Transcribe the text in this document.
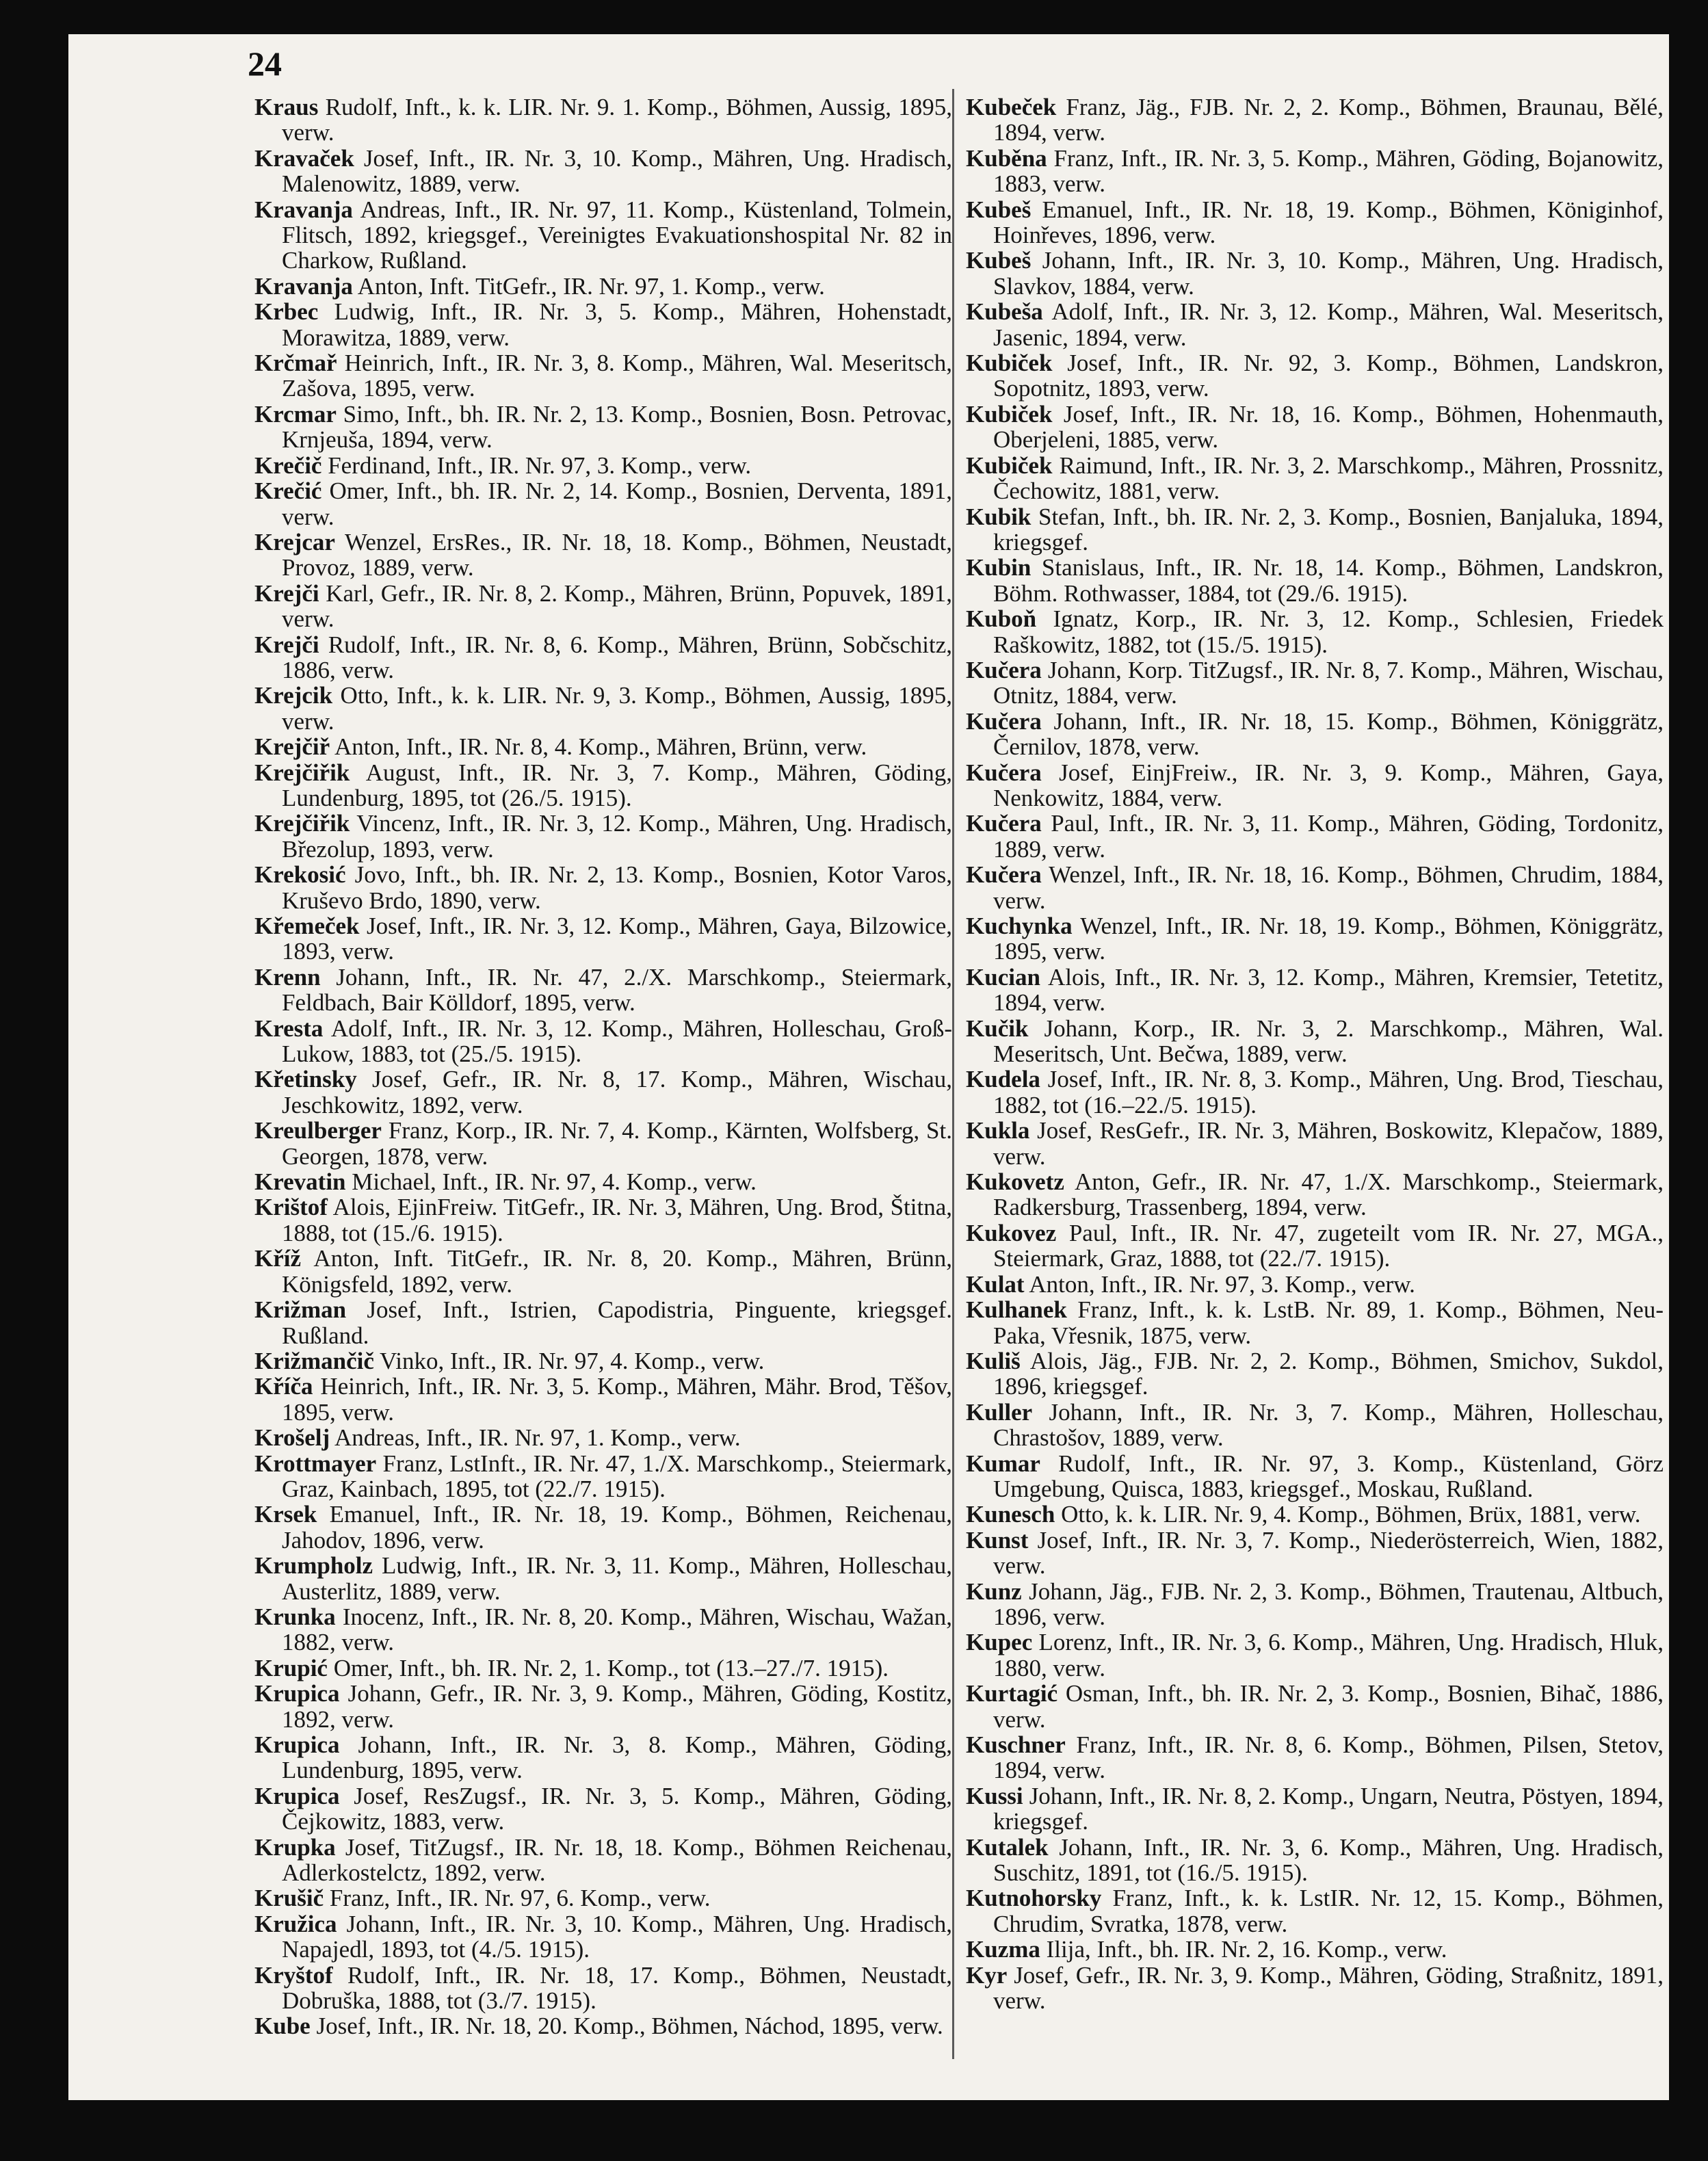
24
Kraus Rudolf, Inft., k. k. LIR. Nr. 9. 1. Komp., Böhmen, Aussig, 1895, verw.
Kravaček Josef, Inft., IR. Nr. 3, 10. Komp., Mähren, Ung. Hradisch, Malenowitz, 1889, verw.
Kravanja Andreas, Inft., IR. Nr. 97, 11. Komp., Küstenland, Tolmein, Flitsch, 1892, kriegsgef., Vereinigtes Evakuationshospital Nr. 82 in Charkow, Rußland.
Kravanja Anton, Inft. TitGefr., IR. Nr. 97, 1. Komp., verw.
Krbec Ludwig, Inft., IR. Nr. 3, 5. Komp., Mähren, Hohenstadt, Morawitza, 1889, verw.
Krčmař Heinrich, Inft., IR. Nr. 3, 8. Komp., Mähren, Wal. Meseritsch, Zašova, 1895, verw.
Krcmar Simo, Inft., bh. IR. Nr. 2, 13. Komp., Bosnien, Bosn. Petrovac, Krnjeuša, 1894, verw.
Krečič Ferdinand, Inft., IR. Nr. 97, 3. Komp., verw.
Krečić Omer, Inft., bh. IR. Nr. 2, 14. Komp., Bosnien, Derventa, 1891, verw.
Krejcar Wenzel, ErsRes., IR. Nr. 18, 18. Komp., Böhmen, Neustadt, Provoz, 1889, verw.
Krejči Karl, Gefr., IR. Nr. 8, 2. Komp., Mähren, Brünn, Popuvek, 1891, verw.
Krejči Rudolf, Inft., IR. Nr. 8, 6. Komp., Mähren, Brünn, Sobčschitz, 1886, verw.
Krejcik Otto, Inft., k. k. LIR. Nr. 9, 3. Komp., Böhmen, Aussig, 1895, verw.
Krejčiř Anton, Inft., IR. Nr. 8, 4. Komp., Mähren, Brünn, verw.
Krejčiřik August, Inft., IR. Nr. 3, 7. Komp., Mähren, Göding, Lundenburg, 1895, tot (26./5. 1915).
Krejčiřik Vincenz, Inft., IR. Nr. 3, 12. Komp., Mähren, Ung. Hradisch, Březolup, 1893, verw.
Krekosić Jovo, Inft., bh. IR. Nr. 2, 13. Komp., Bosnien, Kotor Varos, Kruševo Brdo, 1890, verw.
Křemeček Josef, Inft., IR. Nr. 3, 12. Komp., Mähren, Gaya, Bilzowice, 1893, verw.
Krenn Johann, Inft., IR. Nr. 47, 2./X. Marschkomp., Steiermark, Feldbach, Bair Kölldorf, 1895, verw.
Kresta Adolf, Inft., IR. Nr. 3, 12. Komp., Mähren, Holleschau, Groß-Lukow, 1883, tot (25./5. 1915).
Křetinsky Josef, Gefr., IR. Nr. 8, 17. Komp., Mähren, Wischau, Jeschkowitz, 1892, verw.
Kreulberger Franz, Korp., IR. Nr. 7, 4. Komp., Kärnten, Wolfsberg, St. Georgen, 1878, verw.
Krevatin Michael, Inft., IR. Nr. 97, 4. Komp., verw.
Krištof Alois, EjinFreiw. TitGefr., IR. Nr. 3, Mähren, Ung. Brod, Štitna, 1888, tot (15./6. 1915).
Kříž Anton, Inft. TitGefr., IR. Nr. 8, 20. Komp., Mähren, Brünn, Königsfeld, 1892, verw.
Križman Josef, Inft., Istrien, Capodistria, Pinguente, kriegsgef. Rußland.
Križmančič Vinko, Inft., IR. Nr. 97, 4. Komp., verw.
Kříča Heinrich, Inft., IR. Nr. 3, 5. Komp., Mähren, Mähr. Brod, Těšov, 1895, verw.
Krošelj Andreas, Inft., IR. Nr. 97, 1. Komp., verw.
Krottmayer Franz, LstInft., IR. Nr. 47, 1./X. Marschkomp., Steiermark, Graz, Kainbach, 1895, tot (22./7. 1915).
Krsek Emanuel, Inft., IR. Nr. 18, 19. Komp., Böhmen, Reichenau, Jahodov, 1896, verw.
Krumpholz Ludwig, Inft., IR. Nr. 3, 11. Komp., Mähren, Holleschau, Austerlitz, 1889, verw.
Krunka Inocenz, Inft., IR. Nr. 8, 20. Komp., Mähren, Wischau, Wažan, 1882, verw.
Krupić Omer, Inft., bh. IR. Nr. 2, 1. Komp., tot (13.–27./7. 1915).
Krupica Johann, Gefr., IR. Nr. 3, 9. Komp., Mähren, Göding, Kostitz, 1892, verw.
Krupica Johann, Inft., IR. Nr. 3, 8. Komp., Mähren, Göding, Lundenburg, 1895, verw.
Krupica Josef, ResZugsf., IR. Nr. 3, 5. Komp., Mähren, Göding, Čejkowitz, 1883, verw.
Krupka Josef, TitZugsf., IR. Nr. 18, 18. Komp., Böhmen Reichenau, Adlerkostelctz, 1892, verw.
Krušič Franz, Inft., IR. Nr. 97, 6. Komp., verw.
Kružica Johann, Inft., IR. Nr. 3, 10. Komp., Mähren, Ung. Hradisch, Napajedl, 1893, tot (4./5. 1915).
Kryštof Rudolf, Inft., IR. Nr. 18, 17. Komp., Böhmen, Neustadt, Dobruška, 1888, tot (3./7. 1915).
Kube Josef, Inft., IR. Nr. 18, 20. Komp., Böhmen, Náchod, 1895, verw.
Kubeček Franz, Jäg., FJB. Nr. 2, 2. Komp., Böhmen, Braunau, Bělé, 1894, verw.
Kuběna Franz, Inft., IR. Nr. 3, 5. Komp., Mähren, Göding, Bojanowitz, 1883, verw.
Kubeš Emanuel, Inft., IR. Nr. 18, 19. Komp., Böhmen, Königinhof, Hoinřeves, 1896, verw.
Kubeš Johann, Inft., IR. Nr. 3, 10. Komp., Mähren, Ung. Hradisch, Slavkov, 1884, verw.
Kubeša Adolf, Inft., IR. Nr. 3, 12. Komp., Mähren, Wal. Meseritsch, Jasenic, 1894, verw.
Kubiček Josef, Inft., IR. Nr. 92, 3. Komp., Böhmen, Landskron, Sopotnitz, 1893, verw.
Kubiček Josef, Inft., IR. Nr. 18, 16. Komp., Böhmen, Hohenmauth, Oberjeleni, 1885, verw.
Kubiček Raimund, Inft., IR. Nr. 3, 2. Marschkomp., Mähren, Prossnitz, Čechowitz, 1881, verw.
Kubik Stefan, Inft., bh. IR. Nr. 2, 3. Komp., Bosnien, Banjaluka, 1894, kriegsgef.
Kubin Stanislaus, Inft., IR. Nr. 18, 14. Komp., Böhmen, Landskron, Böhm. Rothwasser, 1884, tot (29./6. 1915).
Kuboň Ignatz, Korp., IR. Nr. 3, 12. Komp., Schlesien, Friedek Raškowitz, 1882, tot (15./5. 1915).
Kučera Johann, Korp. TitZugsf., IR. Nr. 8, 7. Komp., Mähren, Wischau, Otnitz, 1884, verw.
Kučera Johann, Inft., IR. Nr. 18, 15. Komp., Böhmen, Königgrätz, Černilov, 1878, verw.
Kučera Josef, EinjFreiw., IR. Nr. 3, 9. Komp., Mähren, Gaya, Nenkowitz, 1884, verw.
Kučera Paul, Inft., IR. Nr. 3, 11. Komp., Mähren, Göding, Tordonitz, 1889, verw.
Kučera Wenzel, Inft., IR. Nr. 18, 16. Komp., Böhmen, Chrudim, 1884, verw.
Kuchynka Wenzel, Inft., IR. Nr. 18, 19. Komp., Böhmen, Königgrätz, 1895, verw.
Kucian Alois, Inft., IR. Nr. 3, 12. Komp., Mähren, Kremsier, Tetetitz, 1894, verw.
Kučik Johann, Korp., IR. Nr. 3, 2. Marschkomp., Mähren, Wal. Meseritsch, Unt. Bečwa, 1889, verw.
Kudela Josef, Inft., IR. Nr. 8, 3. Komp., Mähren, Ung. Brod, Tieschau, 1882, tot (16.–22./5. 1915).
Kukla Josef, ResGefr., IR. Nr. 3, Mähren, Boskowitz, Klepačow, 1889, verw.
Kukovetz Anton, Gefr., IR. Nr. 47, 1./X. Marschkomp., Steiermark, Radkersburg, Trassenberg, 1894, verw.
Kukovez Paul, Inft., IR. Nr. 47, zugeteilt vom IR. Nr. 27, MGA., Steiermark, Graz, 1888, tot (22./7. 1915).
Kulat Anton, Inft., IR. Nr. 97, 3. Komp., verw.
Kulhanek Franz, Inft., k. k. LstB. Nr. 89, 1. Komp., Böhmen, Neu-Paka, Vřesnik, 1875, verw.
Kuliš Alois, Jäg., FJB. Nr. 2, 2. Komp., Böhmen, Smichov, Sukdol, 1896, kriegsgef.
Kuller Johann, Inft., IR. Nr. 3, 7. Komp., Mähren, Holleschau, Chrastošov, 1889, verw.
Kumar Rudolf, Inft., IR. Nr. 97, 3. Komp., Küstenland, Görz Umgebung, Quisca, 1883, kriegsgef., Moskau, Rußland.
Kunesch Otto, k. k. LIR. Nr. 9, 4. Komp., Böhmen, Brüx, 1881, verw.
Kunst Josef, Inft., IR. Nr. 3, 7. Komp., Niederösterreich, Wien, 1882, verw.
Kunz Johann, Jäg., FJB. Nr. 2, 3. Komp., Böhmen, Trautenau, Altbuch, 1896, verw.
Kupec Lorenz, Inft., IR. Nr. 3, 6. Komp., Mähren, Ung. Hradisch, Hluk, 1880, verw.
Kurtagić Osman, Inft., bh. IR. Nr. 2, 3. Komp., Bosnien, Bihač, 1886, verw.
Kuschner Franz, Inft., IR. Nr. 8, 6. Komp., Böhmen, Pilsen, Stetov, 1894, verw.
Kussi Johann, Inft., IR. Nr. 8, 2. Komp., Ungarn, Neutra, Pöstyen, 1894, kriegsgef.
Kutalek Johann, Inft., IR. Nr. 3, 6. Komp., Mähren, Ung. Hradisch, Suschitz, 1891, tot (16./5. 1915).
Kutnohorsky Franz, Inft., k. k. LstIR. Nr. 12, 15. Komp., Böhmen, Chrudim, Svratka, 1878, verw.
Kuzma Ilija, Inft., bh. IR. Nr. 2, 16. Komp., verw.
Kyr Josef, Gefr., IR. Nr. 3, 9. Komp., Mähren, Göding, Straßnitz, 1891, verw.
